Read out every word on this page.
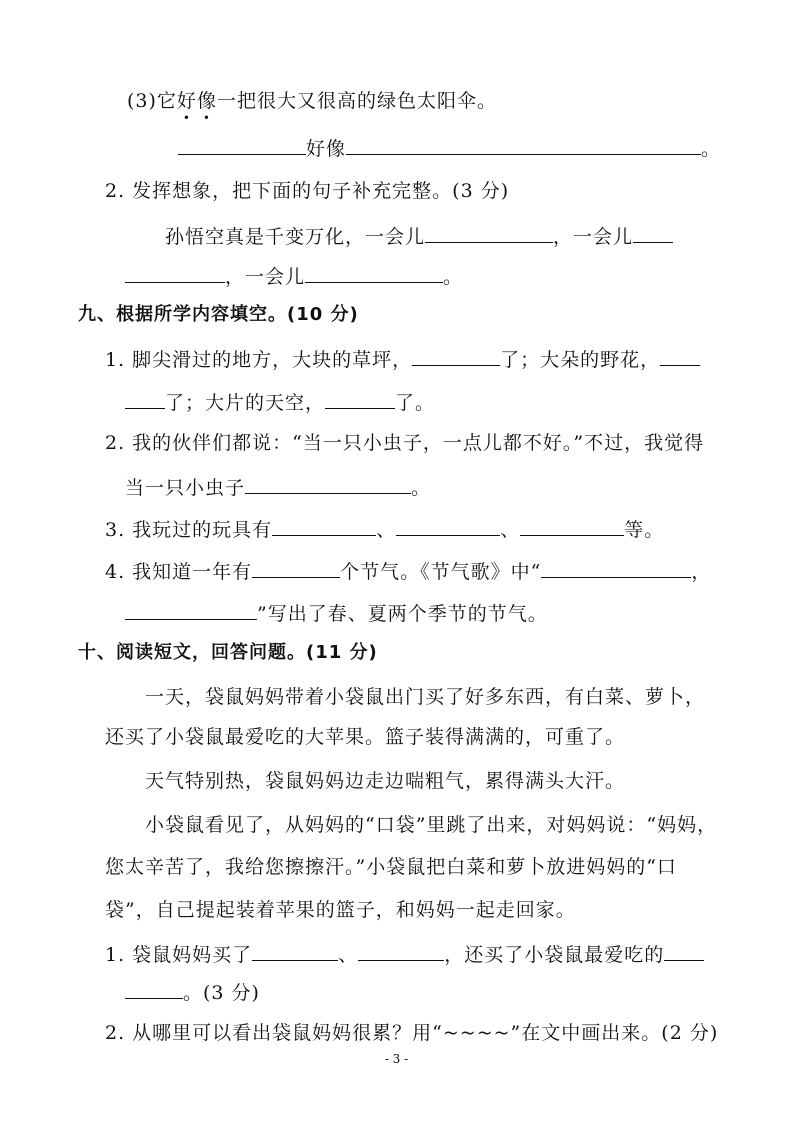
(3)它好像一把很大又很高的绿色太阳伞。
好像	。
2. 发挥想象，把下面的句子补充完整。(3 分)
孙悟空真是千变万化，一会儿	，一会儿
，一会儿	。
九、根据所学内容填空。(10 分)
1. 脚尖滑过的地方，大块的草坪，	了；大朵的野花，
了；大片的天空，	了。
2. 我的伙伴们都说：“当一只小虫子，一点儿都不好。”不过，我觉得
当一只小虫子	。
3. 我玩过的玩具有	、	、	等。
4. 我知道一年有	个节气。《节气歌》中“	，
”写出了春、夏两个季节的节气。
十、阅读短文，回答问题。(11 分)
一天，袋鼠妈妈带着小袋鼠出门买了好多东西，有白菜、萝卜，
还买了小袋鼠最爱吃的大苹果。篮子装得满满的，可重了。
天气特别热，袋鼠妈妈边走边喘粗气，累得满头大汗。
小袋鼠看见了，从妈妈的“口袋”里跳了出来，对妈妈说：“妈妈，
您太辛苦了，我给您擦擦汗。”小袋鼠把白菜和萝卜放进妈妈的“口
袋”，自己提起装着苹果的篮子，和妈妈一起走回家。
1. 袋鼠妈妈买了	、	，还买了小袋鼠最爱吃的
。(3 分)
2. 从哪里可以看出袋鼠妈妈很累？用“~~~~”在文中画出来。(2 分)
- 3 -
